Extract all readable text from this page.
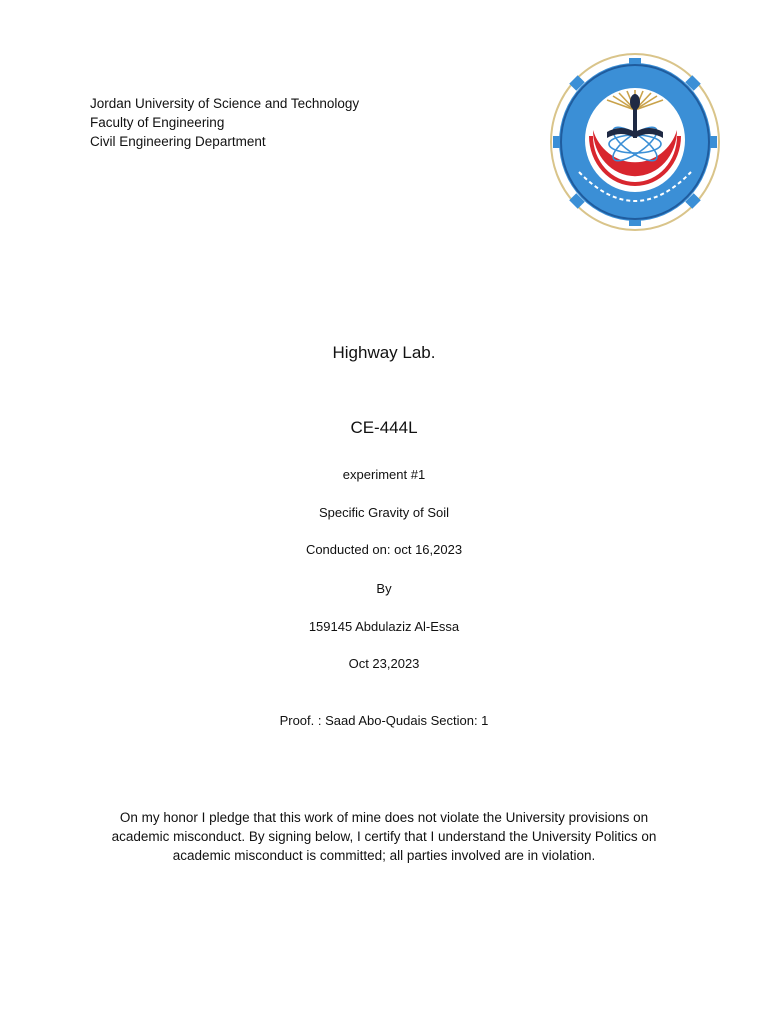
Jordan University of Science and Technology
Faculty of Engineering
Civil Engineering Department
Highway Lab.
CE-444L
experiment #1
Specific Gravity of Soil
Conducted on: oct 16,2023
By
159145 Abdulaziz Al-Essa
Oct 23,2023
Proof. : Saad Abo-Qudais Section: 1
On my honor I pledge that this work of mine does not violate the University provisions on
academic misconduct. By signing below, I certify that I understand the University Politics on
academic misconduct is committed; all parties involved are in violation.
